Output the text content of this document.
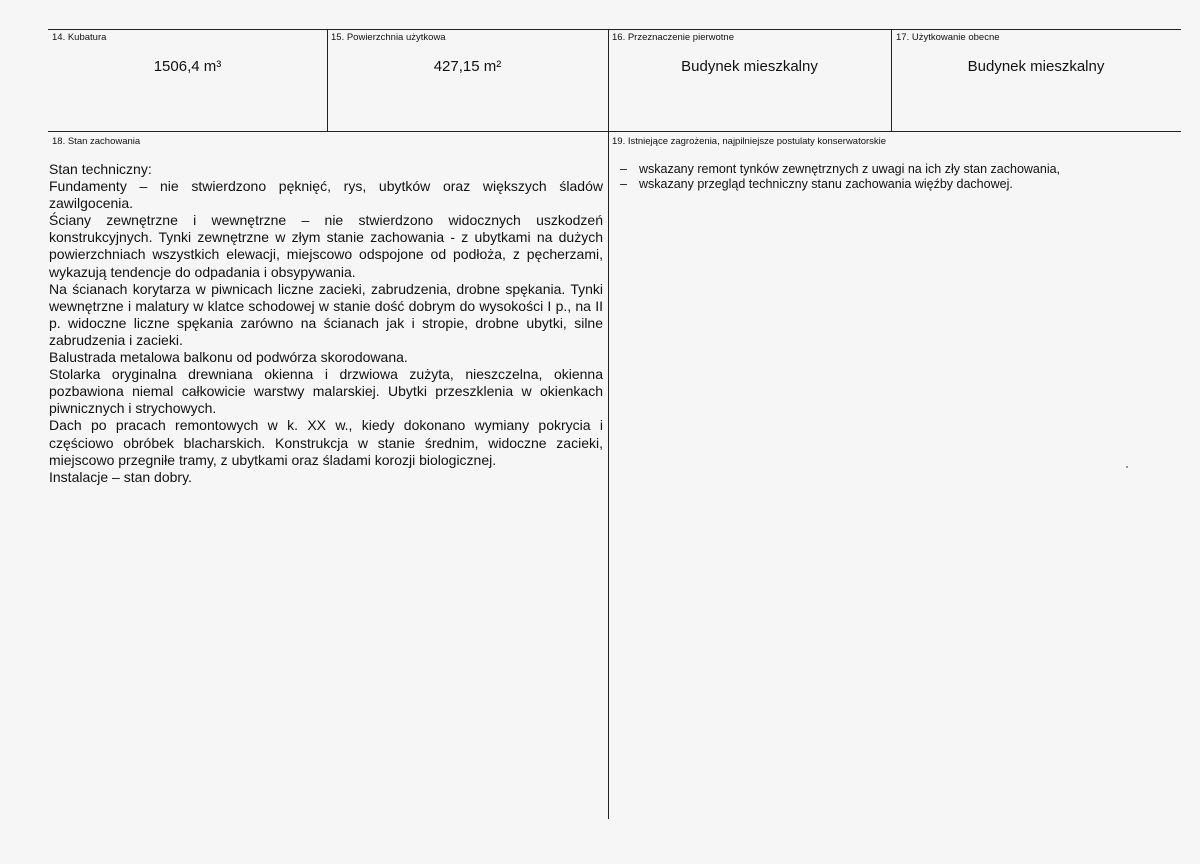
14. Kubatura
1506,4 m³
15. Powierzchnia użytkowa
427,15 m²
16. Przeznaczenie pierwotne
Budynek mieszkalny
17. Użytkowanie obecne
Budynek mieszkalny
18. Stan zachowania

Stan techniczny:

Fundamenty – nie stwierdzono pęknięć, rys, ubytków oraz większych śladów zawilgocenia.

Ściany zewnętrzne i wewnętrzne – nie stwierdzono widocznych uszkodzeń konstrukcyjnych. Tynki zewnętrzne w złym stanie zachowania - z ubytkami na dużych powierzchniach wszystkich elewacji, miejscowo odspojone od podłoża, z pęcherzami, wykazują tendencje do odpadania i obsypywania.

Na ścianach korytarza w piwnicach liczne zacieki, zabrudzenia, drobne spękania. Tynki wewnętrzne i malatury w klatce schodowej w stanie dość dobrym do wysokości I p., na II p. widoczne liczne spękania zarówno na ścianach jak i stropie, drobne ubytki, silne zabrudzenia i zacieki.

Balustrada metalowa balkonu od podwórza skorodowana.

Stolarka oryginalna drewniana okienna i drzwiowa zużyta, nieszczelna, okienna pozbawiona niemal całkowicie warstwy malarskiej. Ubytki przeszklenia w okienkach piwnicznych i strychowych.

Dach po pracach remontowych w k. XX w., kiedy dokonano wymiany pokrycia i częściowo obróbek blacharskich. Konstrukcja w stanie średnim, widoczne zacieki, miejscowo przegniłe tramy, z ubytkami oraz śladami korozji biologicznej.

Instalacje – stan dobry.

19. Istniejące zagrożenia, najpilniejsze postulaty konserwatorskie
– wskazany remont tynków zewnętrznych z uwagi na ich zły stan zachowania,
– wskazany przegląd techniczny stanu zachowania więźby dachowej.
